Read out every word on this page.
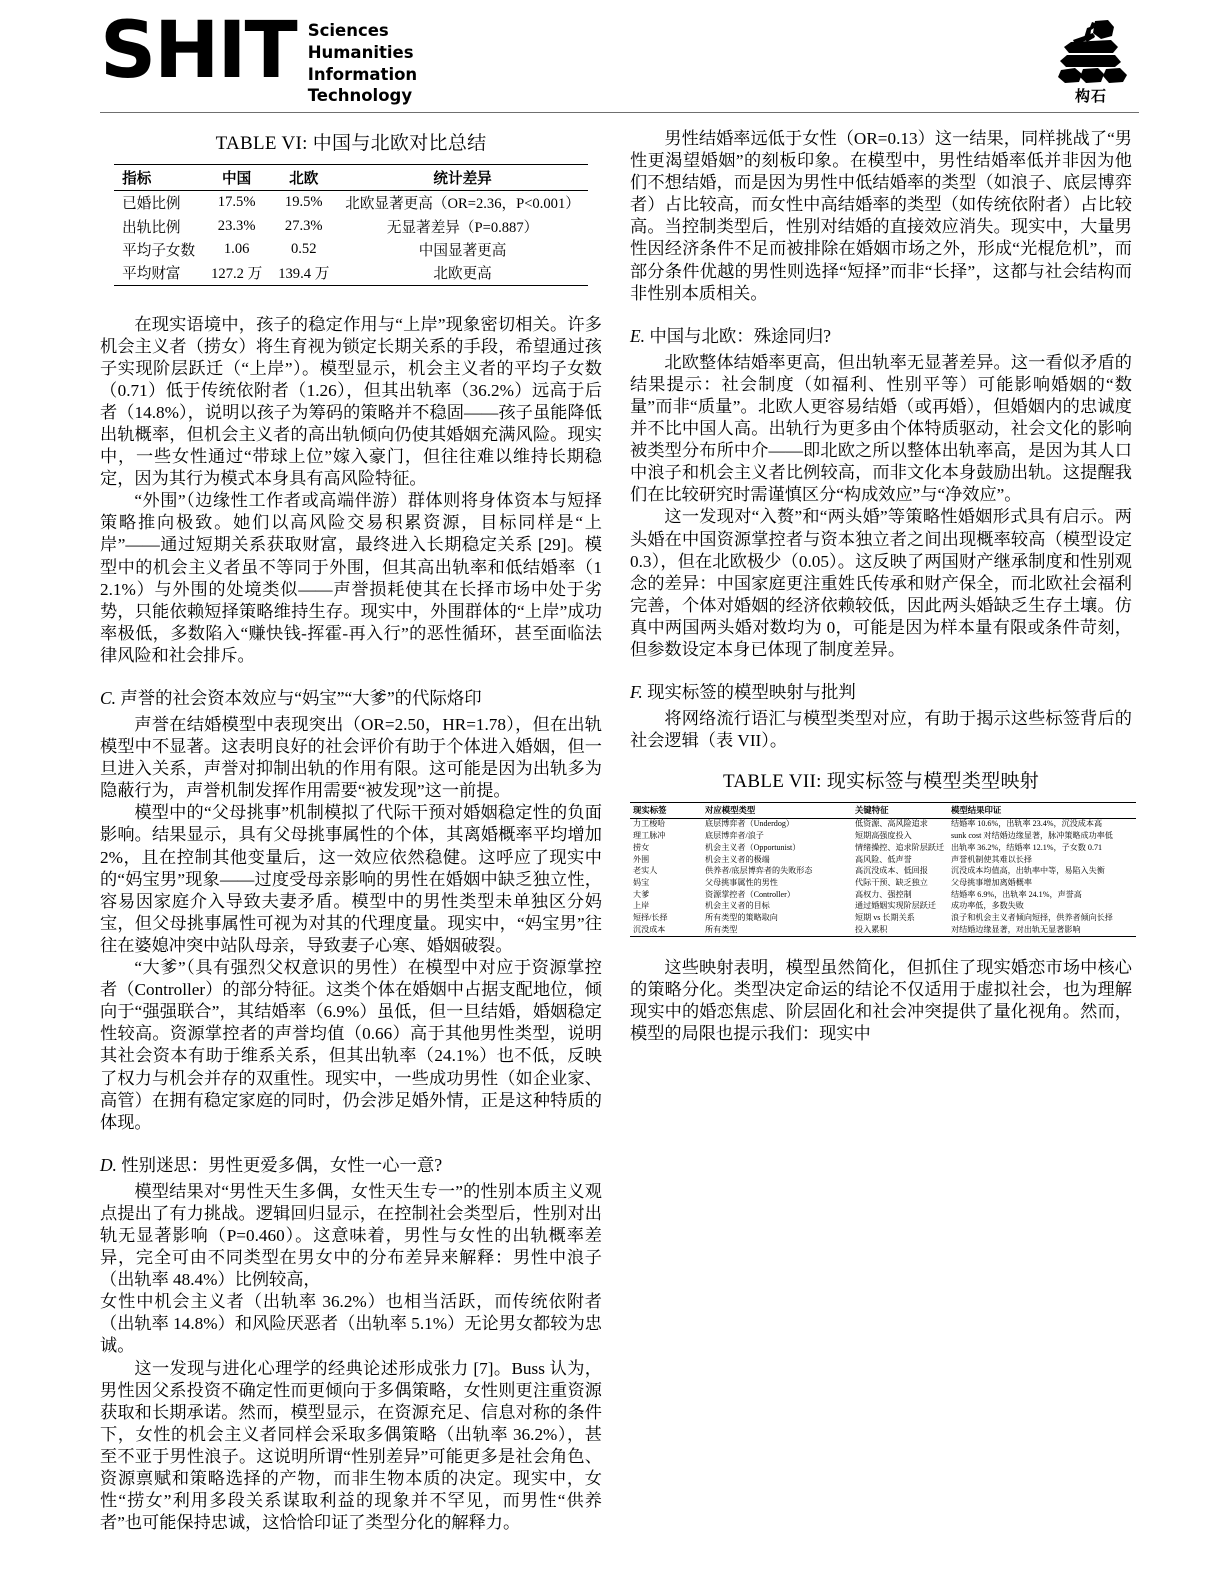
SHIT Sciences
Humanities
Information
Technology	构石
TABLE VI: 中国与北欧对比总结
指标	中国	北欧	统计差异
已婚比例	17.5%	19.5%	北欧显著更高（OR=2.36，P<0.001）
出轨比例	23.3%	27.3%	无显著差异（P=0.887）
平均子女数	1.06	0.52	中国显著更高
平均财富	127.2 万	139.4 万	北欧更高

在现实语境中，孩子的稳定作用与“上岸”现象密切相关。许多机会主义者（捞女）将生育视为锁定长期关系的手段，希望通过孩子实现阶层跃迁（“上岸”）。模型显示，机会主义者的平均子女数（0.71）低于传统依附者（1.26），但其出轨率（36.2%）远高于后者（14.8%），说明以孩子为筹码的策略并不稳固——孩子虽能降低出轨概率，但机会主义者的高出轨倾向仍使其婚姻充满风险。现实中，一些女性通过“带球上位”嫁入豪门，但往往难以维持长期稳定，因为其行为模式本身具有高风险特征。

“外围”（边缘性工作者或高端伴游）群体则将身体资本与短择策略推向极致。她们以高风险交易积累资源，目标同样是“上岸”——通过短期关系获取财富，最终进入长期稳定关系 [29]。模型中的机会主义者虽不等同于外围，但其高出轨率和低结婚率（12.1%）与外围的处境类似——声誉损耗使其在长择市场中处于劣势，只能依赖短择策略维持生存。现实中，外围群体的“上岸”成功率极低，多数陷入“赚快钱-挥霍-再入行”的恶性循环，甚至面临法律风险和社会排斥。

C. 声誉的社会资本效应与“妈宝”“大爹”的代际烙印

声誉在结婚模型中表现突出（OR=2.50，HR=1.78），但在出轨模型中不显著。这表明良好的社会评价有助于个体进入婚姻，但一旦进入关系，声誉对抑制出轨的作用有限。这可能是因为出轨多为隐蔽行为，声誉机制发挥作用需要“被发现”这一前提。

模型中的“父母挑事”机制模拟了代际干预对婚姻稳定性的负面影响。结果显示，具有父母挑事属性的个体，其离婚概率平均增加 2%，且在控制其他变量后，这一效应依然稳健。这呼应了现实中的“妈宝男”现象——过度受母亲影响的男性在婚姻中缺乏独立性，容易因家庭介入导致夫妻矛盾。模型中的男性类型未单独区分妈宝，但父母挑事属性可视为对其的代理度量。现实中，“妈宝男”往往在婆媳冲突中站队母亲，导致妻子心寒、婚姻破裂。

“大爹”（具有强烈父权意识的男性）在模型中对应于资源掌控者（Controller）的部分特征。这类个体在婚姻中占据支配地位，倾向于“强强联合”，其结婚率（6.9%）虽低，但一旦结婚，婚姻稳定性较高。资源掌控者的声誉均值（0.66）高于其他男性类型，说明其社会资本有助于维系关系，但其出轨率（24.1%）也不低，反映了权力与机会并存的双重性。现实中，一些成功男性（如企业家、高管）在拥有稳定家庭的同时，仍会涉足婚外情，正是这种特质的体现。

D. 性别迷思：男性更爱多偶，女性一心一意?

模型结果对“男性天生多偶，女性天生专一”的性别本质主义观点提出了有力挑战。逻辑回归显示，在控制社会类型后，性别对出轨无显著影响（P=0.460）。这意味着，男性与女性的出轨概率差异，完全可由不同类型在男女中的分布差异来解释：男性中浪子（出轨率 48.4%）比例较高，

女性中机会主义者（出轨率 36.2%）也相当活跃，而传统依附者（出轨率 14.8%）和风险厌恶者（出轨率 5.1%）无论男女都较为忠诚。

这一发现与进化心理学的经典论述形成张力 [7]。Buss 认为，男性因父系投资不确定性而更倾向于多偶策略，女性则更注重资源获取和长期承诺。然而，模型显示，在资源充足、信息对称的条件下，女性的机会主义者同样会采取多偶策略（出轨率 36.2%），甚至不亚于男性浪子。这说明所谓“性别差异”可能更多是社会角色、资源禀赋和策略选择的产物，而非生物本质的决定。现实中，女性“捞女”利用多段关系谋取利益的现象并不罕见，而男性“供养者”也可能保持忠诚，这恰恰印证了类型分化的解释力。

男性结婚率远低于女性（OR=0.13）这一结果，同样挑战了“男性更渴望婚姻”的刻板印象。在模型中，男性结婚率低并非因为他们不想结婚，而是因为男性中低结婚率的类型（如浪子、底层博弈者）占比较高，而女性中高结婚率的类型（如传统依附者）占比较高。当控制类型后，性别对结婚的直接效应消失。现实中，大量男性因经济条件不足而被排除在婚姻市场之外，形成“光棍危机”，而部分条件优越的男性则选择“短择”而非“长择”，这都与社会结构而非性别本质相关。

E. 中国与北欧：殊途同归?

北欧整体结婚率更高，但出轨率无显著差异。这一看似矛盾的结果提示：社会制度（如福利、性别平等）可能影响婚姻的“数量”而非“质量”。北欧人更容易结婚（或再婚），但婚姻内的忠诚度并不比中国人高。出轨行为更多由个体特质驱动，社会文化的影响被类型分布所中介——即北欧之所以整体出轨率高，是因为其人口中浪子和机会主义者比例较高，而非文化本身鼓励出轨。这提醒我们在比较研究时需谨慎区分“构成效应”与“净效应”。

这一发现对“入赘”和“两头婚”等策略性婚姻形式具有启示。两头婚在中国资源掌控者与资本独立者之间出现概率较高（模型设定 0.3），但在北欧极少（0.05）。这反映了两国财产继承制度和性别观念的差异：中国家庭更注重姓氏传承和财产保全，而北欧社会福利完善，个体对婚姻的经济依赖较低，因此两头婚缺乏生存土壤。仿真中两国两头婚对数均为 0，可能是因为样本量有限或条件苛刻，但参数设定本身已体现了制度差异。

F. 现实标签的模型映射与批判

将网络流行语汇与模型类型对应，有助于揭示这些标签背后的社会逻辑（表 VII）。

TABLE VII: 现实标签与模型类型映射
现实标签	对应模型类型	关键特征	模型结果印证
力工梭哈	底层博弈者（Underdog）	低资源、高风险追求	结婚率 10.6%，出轨率 23.4%，沉没成本高
理工脉冲	底层博弈者/浪子	短期高强度投入	sunk cost 对结婚边缘显著，脉冲策略成功率低
捞女	机会主义者（Opportunist）	情绪操控、追求阶层跃迁	出轨率 36.2%，结婚率 12.1%，子女数 0.71
外围	机会主义者的极端	高风险、低声誉	声誉机制使其难以长择
老实人	供养者/底层博弈者的失败形态	高沉没成本、低回报	沉没成本均值高，出轨率中等，易陷入失衡
妈宝	父母挑事属性的男性	代际干预、缺乏独立	父母挑事增加离婚概率
大爹	资源掌控者（Controller）	高权力、强控制	结婚率 6.9%，出轨率 24.1%，声誉高
上岸	机会主义者的目标	通过婚姻实现阶层跃迁	成功率低，多数失败
短择/长择	所有类型的策略取向	短期 vs 长期关系	浪子和机会主义者倾向短择，供养者倾向长择
沉没成本	所有类型	投入累积	对结婚边缘显著，对出轨无显著影响

这些映射表明，模型虽然简化，但抓住了现实婚恋市场中核心的策略分化。类型决定命运的结论不仅适用于虚拟社会，也为理解现实中的婚恋焦虑、阶层固化和社会冲突提供了量化视角。然而，模型的局限也提示我们：现实中
